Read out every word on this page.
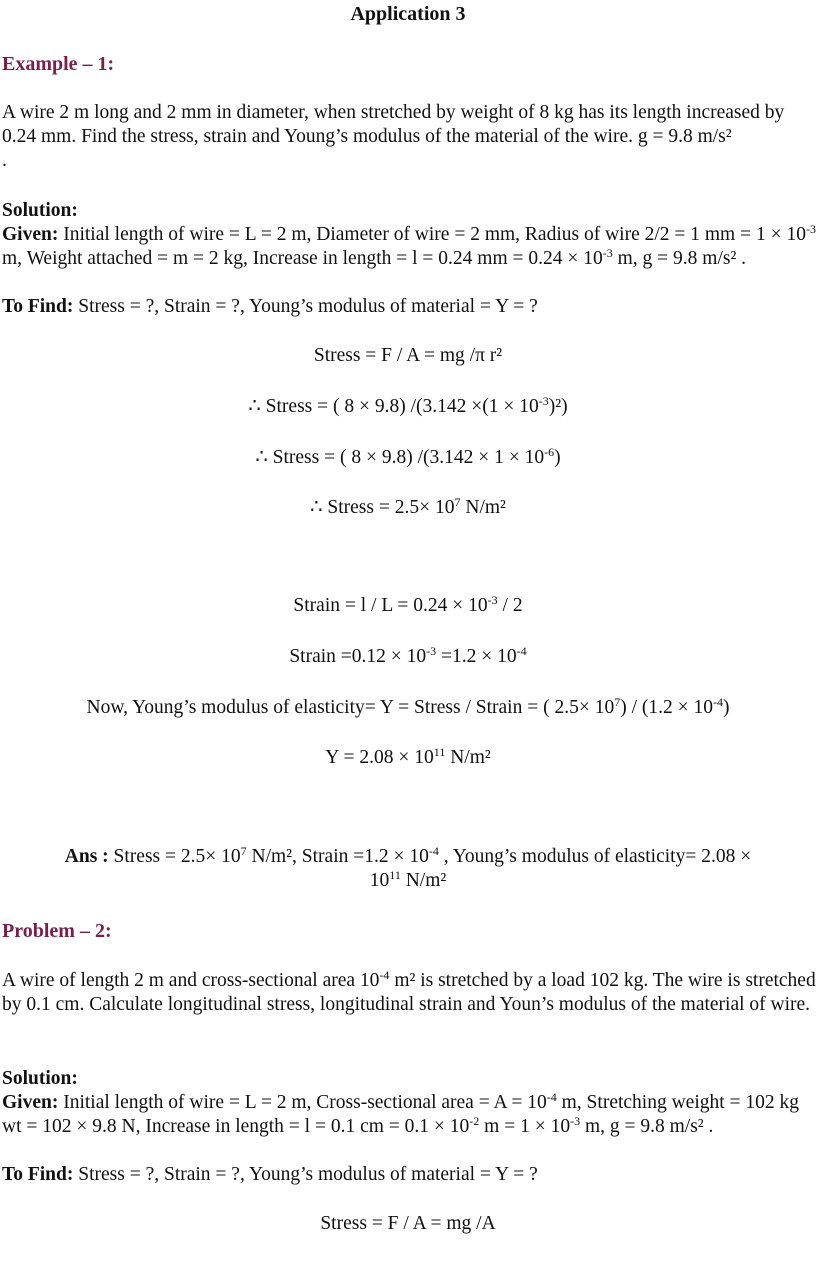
Application 3
Example – 1:
A wire 2 m long and 2 mm in diameter, when stretched by weight of 8 kg has its length increased by 0.24 mm. Find the stress, strain and Young’s modulus of the material of the wire. g = 9.8 m/s²
.
Solution:
Given: Initial length of wire = L = 2 m, Diameter of wire = 2 mm, Radius of wire 2/2 = 1 mm = $1 \times 10^{-3}$ m, Weight attached = m = 2 kg, Increase in length = l = 0.24 mm = $0.24 \times 10^{-3}$ m, g = 9.8 m/s² .
To Find: Stress = ?, Strain = ?, Young’s modulus of material = Y = ?
Stress = F / A = mg /π r²
∴ Stress = ( 8 × 9.8) $/(3.142 \times(1 \times 10^{-3})^2)$
∴ Stress = ( 8 × 9.8) $/(3.142 \times 1 \times 10^{-6})$
∴ Stress = $2.5\times 10^7$ N/m²
Strain = $l / L = 0.24 \times 10^{-3} / 2$
Strain $=0.12 \times 10^{-3} =1.2 \times 10^{-4}$
Now, Young’s modulus of elasticity= Y = Stress / Strain = ( $2.5\times 10^7) / (1.2 \times 10^{-4})$
$Y = 2.08 \times 10^{11}$ N/m²
Ans : Stress = $2.5\times 10^7$ N/m², Strain $=1.2 \times 10^{-4}$ , Young’s modulus of elasticity= 2.08 ×
$10^{11}$ N/m²
Problem – 2:
A wire of length 2 m and cross-sectional area $10^{-4}$ m² is stretched by a load 102 kg. The wire is stretched by 0.1 cm. Calculate longitudinal stress, longitudinal strain and Youn’s modulus of the material of wire.
Solution:
Given: Initial length of wire = L = 2 m, Cross-sectional area = $A = 10^{-4}$ m, Stretching weight = 102 kg wt = 102 × 9.8 N, Increase in length = l = 0.1 cm = $0.1 \times 10^{-2}$ $m = 1 \times 10^{-3}$ m, g = 9.8 m/s² .
To Find: Stress = ?, Strain = ?, Young’s modulus of material = Y = ?
Stress = F / A = mg /A
